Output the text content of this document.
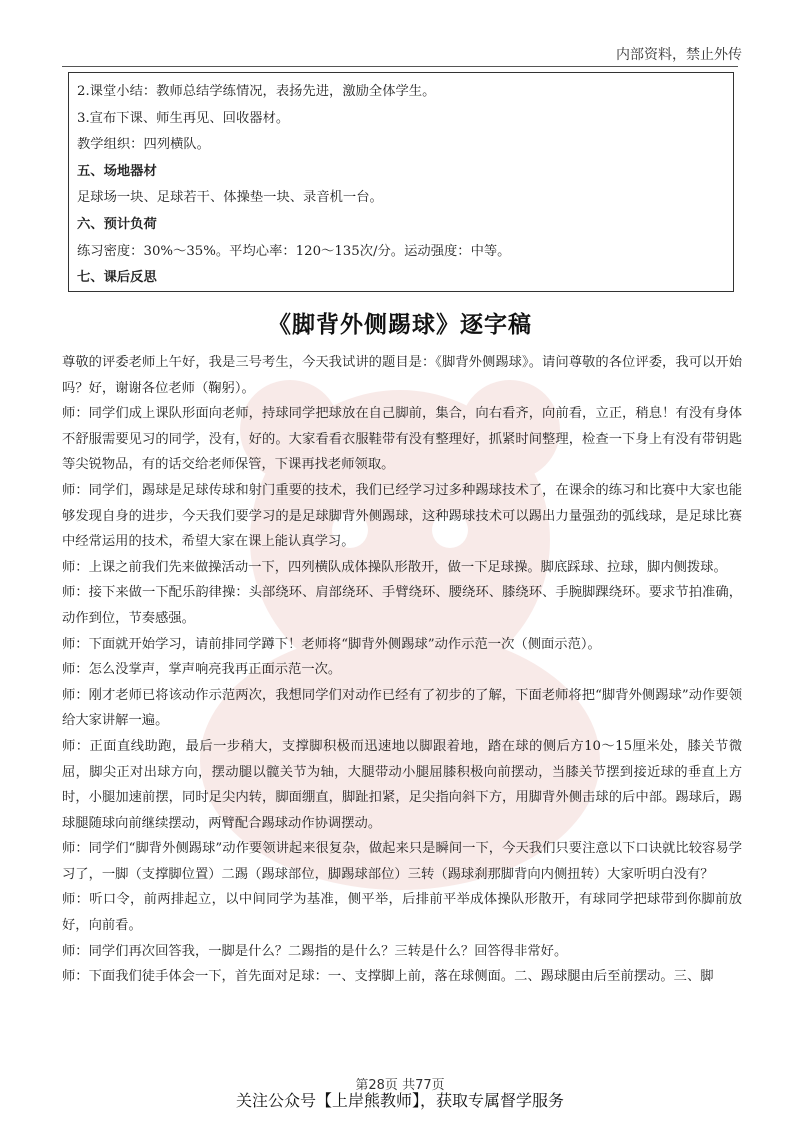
内部资料，禁止外传

2.课堂小结：教师总结学练情况，表扬先进，激励全体学生。

3.宣布下课、师生再见、回收器材。

教学组织：四列横队。

五、场地器材

足球场一块、足球若干、体操垫一块、录音机一台。

六、预计负荷

练习密度：30%～35%。平均心率：120～135次/分。运动强度：中等。

七、课后反思

《脚背外侧踢球》逐字稿

尊敬的评委老师上午好，我是三号考生，今天我试讲的题目是：《脚背外侧踢球》。请问尊敬的各位评委，我可以开始吗？好，谢谢各位老师（鞠躬）。

师：同学们成上课队形面向老师，持球同学把球放在自己脚前，集合，向右看齐，向前看，立正，稍息！有没有身体不舒服需要见习的同学，没有，好的。大家看看衣服鞋带有没有整理好，抓紧时间整理，检查一下身上有没有带钥匙等尖锐物品，有的话交给老师保管，下课再找老师领取。

师：同学们，踢球是足球传球和射门重要的技术，我们已经学习过多种踢球技术了，在课余的练习和比赛中大家也能够发现自身的进步，今天我们要学习的是足球脚背外侧踢球，这种踢球技术可以踢出力量强劲的弧线球，是足球比赛中经常运用的技术，希望大家在课上能认真学习。

师：上课之前我们先来做操活动一下，四列横队成体操队形散开，做一下足球操。脚底踩球、拉球，脚内侧拨球。

师：接下来做一下配乐韵律操：头部绕环、肩部绕环、手臂绕环、腰绕环、膝绕环、手腕脚踝绕环。要求节拍准确，动作到位，节奏感强。

师：下面就开始学习，请前排同学蹲下！老师将“脚背外侧踢球”动作示范一次（侧面示范）。

师：怎么没掌声，掌声响亮我再正面示范一次。

师：刚才老师已将该动作示范两次，我想同学们对动作已经有了初步的了解，下面老师将把“脚背外侧踢球”动作要领给大家讲解一遍。

师：正面直线助跑，最后一步稍大，支撑脚积极而迅速地以脚跟着地，踏在球的侧后方10～15厘米处，膝关节微屈，脚尖正对出球方向，摆动腿以髋关节为轴，大腿带动小腿屈膝积极向前摆动，当膝关节摆到接近球的垂直上方时，小腿加速前摆，同时足尖内转，脚面绷直，脚趾扣紧，足尖指向斜下方，用脚背外侧击球的后中部。踢球后，踢球腿随球向前继续摆动，两臂配合踢球动作协调摆动。

师：同学们“脚背外侧踢球”动作要领讲起来很复杂，做起来只是瞬间一下，今天我们只要注意以下口诀就比较容易学习了，一脚（支撑脚位置）二踢（踢球部位，脚踢球部位）三转（踢球刹那脚背向内侧扭转）大家听明白没有？

师：听口令，前两排起立，以中间同学为基准，侧平举，后排前平举成体操队形散开，有球同学把球带到你脚前放好，向前看。

师：同学们再次回答我，一脚是什么？二踢指的是什么？三转是什么？回答得非常好。

师：下面我们徒手体会一下，首先面对足球：一、支撑脚上前，落在球侧面。二、踢球腿由后至前摆动。三、脚

第28页 共77页
关注公众号【上岸熊教师】，获取专属督学服务
